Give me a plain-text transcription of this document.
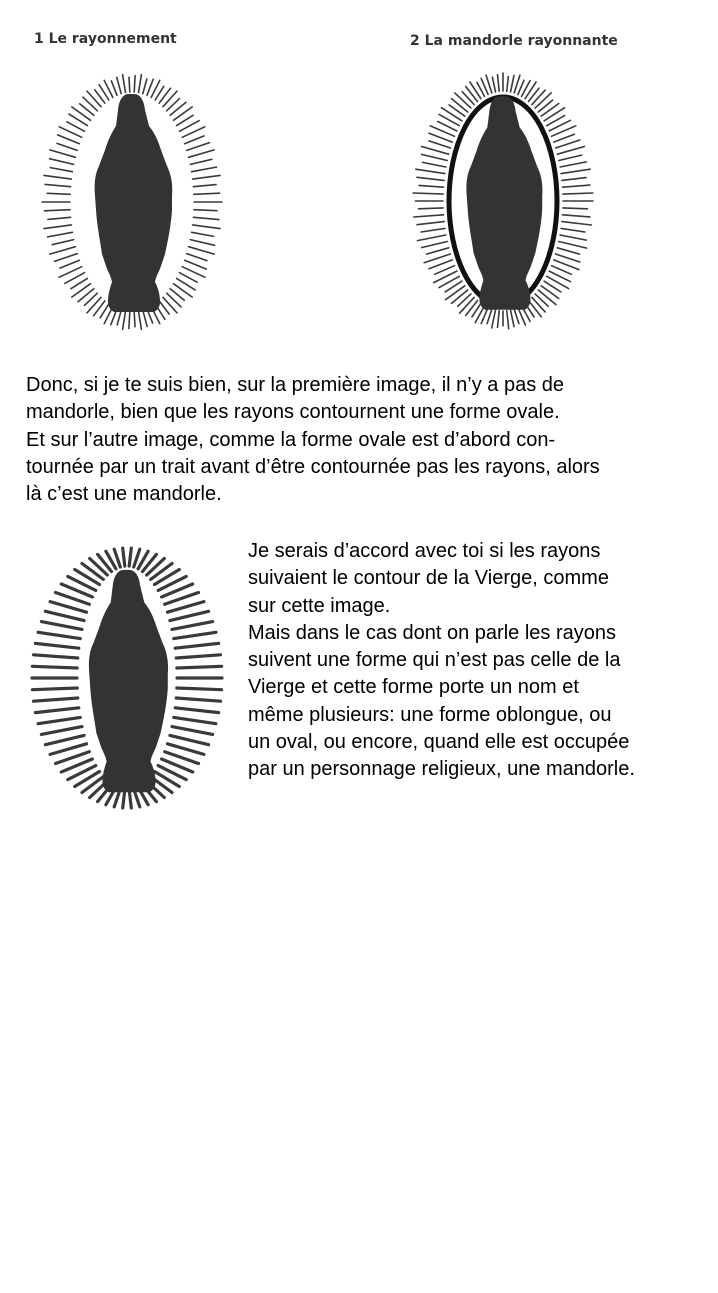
1 Le rayonnement	2 La mandorle rayonnante

Donc, si je te suis bien, sur la première image, il n’y a pas de
mandorle, bien que les rayons contournent une forme ovale.
Et sur l’autre image, comme la forme ovale est d’abord con-
tournée par un trait avant d’être contournée pas les rayons, alors
là c’est une mandorle.

Je serais d’accord avec toi si les rayons
suivaient le contour de la Vierge, comme
sur cette image.
Mais dans le cas dont on parle les rayons
suivent une forme qui n’est pas celle de la
Vierge et cette forme porte un nom et
même plusieurs: une forme oblongue, ou
un oval, ou encore, quand elle est occupée
par un personnage religieux, une mandorle.
